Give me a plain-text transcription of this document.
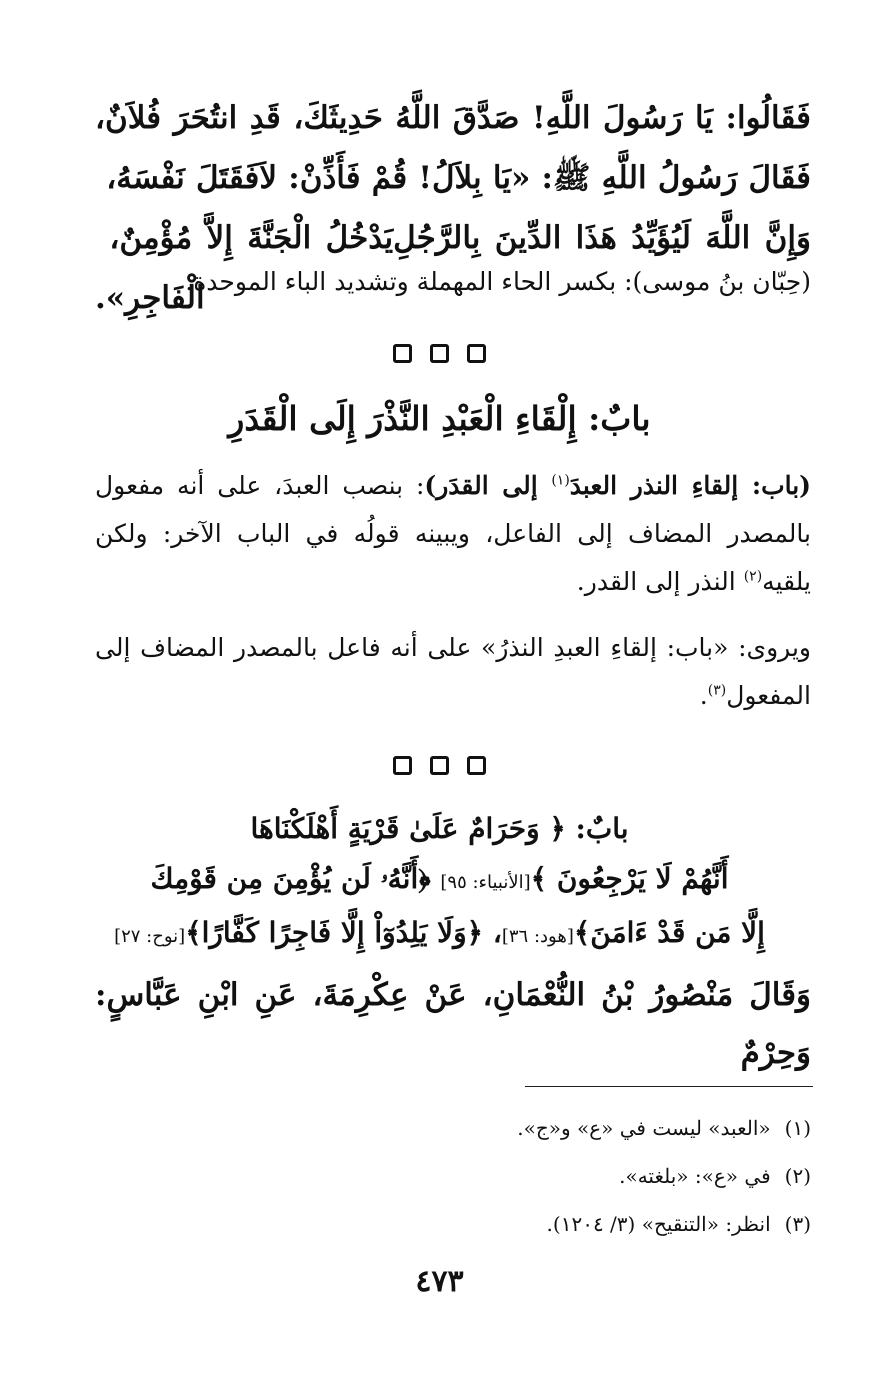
فَقَالُوا: يَا رَسُولَ اللَّهِ! صَدَّقَ اللَّهُ حَدِيثَكَ، قَدِ انتُحَرَ فُلاَنٌ، فَقَتَلَ نَفْسَهُ، فَقَالَ رَسُولُ اللَّهِ ﷺ: «يَا بِلاَلُ! قُمْ فَأَذِّنْ: لاَ يَدْخُلُ الْجَنَّةَ إِلاَّ مُؤْمِنٌ، وَإِنَّ اللَّهَ لَيُؤَيِّدُ هَذَا الدِّينَ بِالرَّجُلِ الْفَاجِرِ».
(حِبّان بنُ موسى): بكسر الحاء المهملة وتشديد الباء الموحدة.
بابٌ: إِلْقَاءِ الْعَبْدِ النَّذْرَ إِلَى الْقَدَرِ
(باب: إلقاءِ النذر العبدَ$^{(١)}$ إلى القدَر): بنصب العبدَ، على أنه مفعول بالمصدر المضاف إلى الفاعل، ويبينه قولُه في الباب الآخر: ولكن يلقيه$^{(٢)}$ النذر إلى القدر.
ويروى: «باب: إلقاءِ العبدِ النذرُ» على أنه فاعل بالمصدر المضاف إلى المفعول$^{(٣)}$.
بابٌ: ﴿ وَحَرَامٌ عَلَىٰ قَرْيَةٍ أَهْلَكْنَاهَا
أَنَّهُمْ لَا يَرْجِعُونَ ﴾[الأنبياء: ٩٥] ﴿أَنَّهُۥ لَن يُؤْمِنَ مِن قَوْمِكَ
إِلَّا مَن قَدْ ءَامَنَ﴾[هود: ٣٦]، ﴿وَلَا يَلِدُوٓاْ إِلَّا فَاجِرًا كَفَّارًا﴾[نوح: ٢٧]
وَقَالَ مَنْصُورُ بْنُ النُّعْمَانِ، عَنْ عِكْرِمَةَ، عَنِ ابْنِ عَبَّاسٍ: وَحِرْمٌ
(١)«العبد» ليست في «ع» و«ج».
(٢)في «ع»: «بلغته».
(٣)انظر: «التنقيح» (٣/ ١٢٠٤).
٤٧٣
